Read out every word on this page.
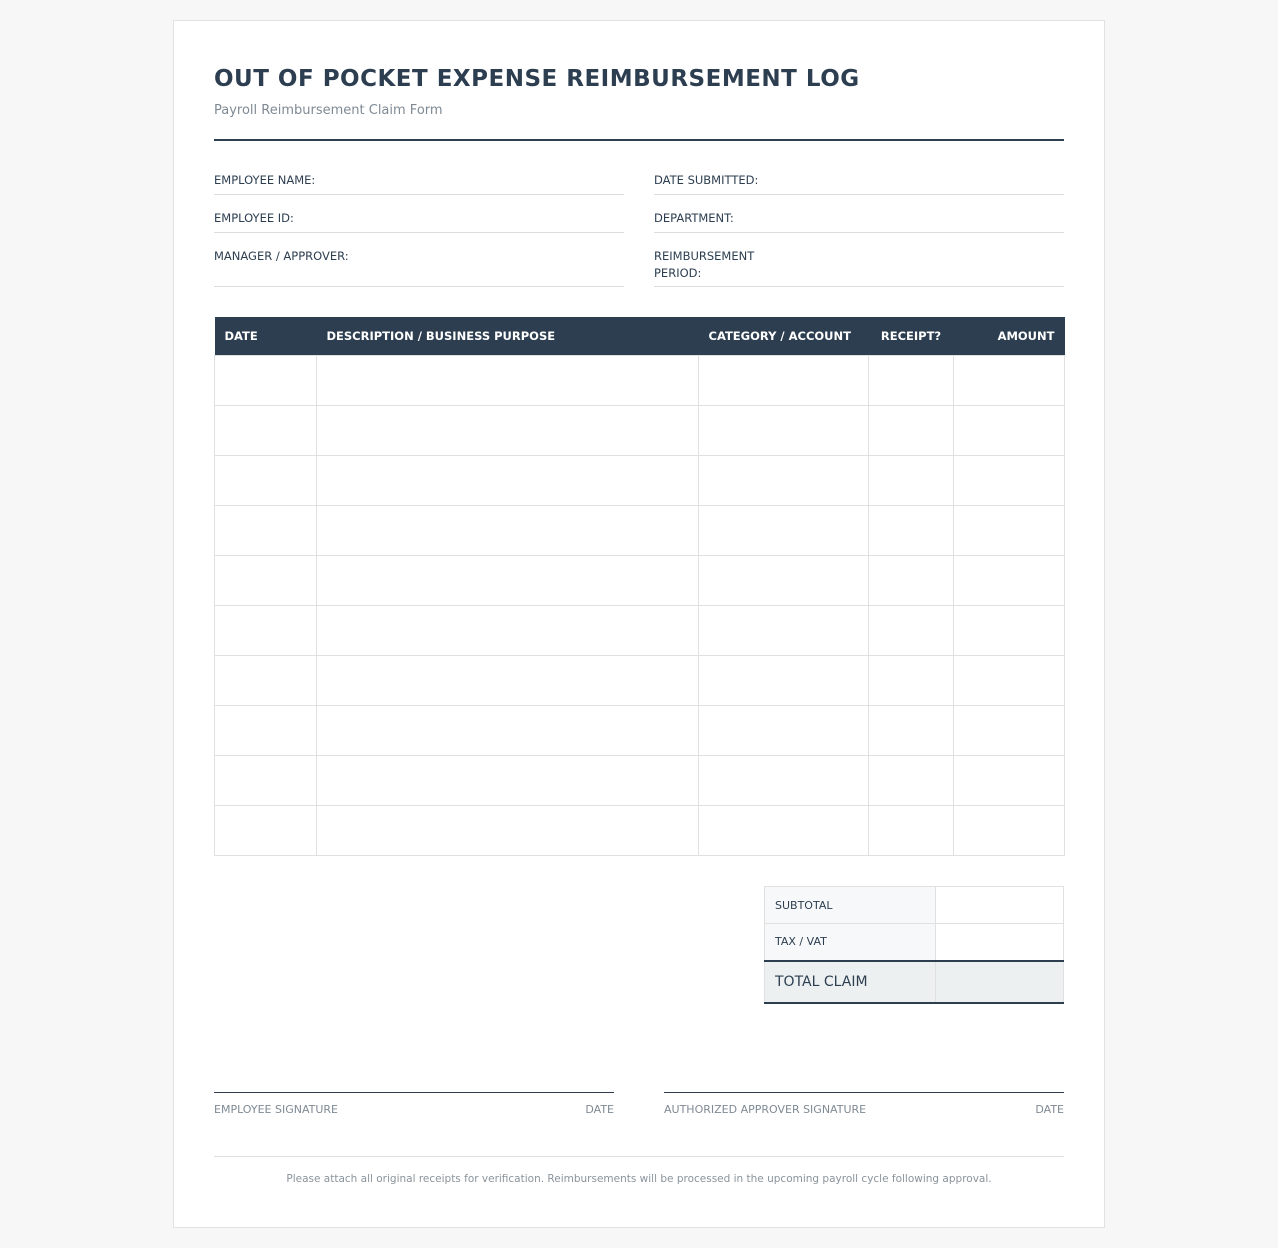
OUT OF POCKET EXPENSE REIMBURSEMENT LOG
Payroll Reimbursement Claim Form
EMPLOYEE NAME:	DATE SUBMITTED:
EMPLOYEE ID:	DEPARTMENT:
MANAGER / APPROVER:	REIMBURSEMENT PERIOD:
DATE	DESCRIPTION / BUSINESS PURPOSE	CATEGORY / ACCOUNT	RECEIPT?	AMOUNT

SUBTOTAL	
TAX / VAT	
TOTAL CLAIM	
EMPLOYEE SIGNATURE	DATE	AUTHORIZED APPROVER SIGNATURE	DATE
Please attach all original receipts for verification. Reimbursements will be processed in the upcoming payroll cycle following approval.
